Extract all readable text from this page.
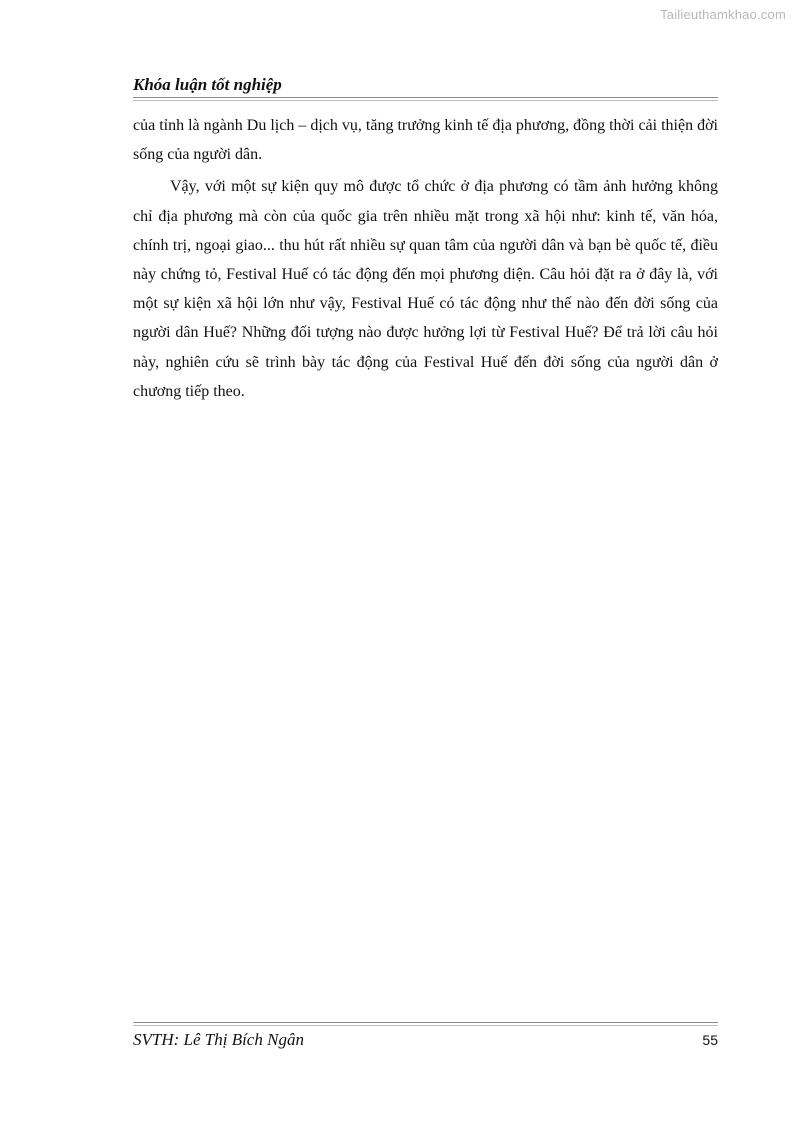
Tailieuthamkhao.com
Khóa luận tốt nghiệp

của tỉnh là ngành Du lịch – dịch vụ, tăng trưởng kinh tế địa phương, đồng thời cải thiện đời sống của người dân.

Vậy, với một sự kiện quy mô được tổ chức ở địa phương có tầm ảnh hưởng không chỉ địa phương mà còn của quốc gia trên nhiều mặt trong xã hội như: kinh tế, văn hóa, chính trị, ngoại giao... thu hút rất nhiều sự quan tâm của người dân và bạn bè quốc tế, điều này chứng tỏ, Festival Huế có tác động đến mọi phương diện. Câu hỏi đặt ra ở đây là, với một sự kiện xã hội lớn như vậy, Festival Huế có tác động như thế nào đến đời sống của người dân Huế? Những đối tượng nào được hưởng lợi từ Festival Huế? Để trả lời câu hỏi này, nghiên cứu sẽ trình bày tác động của Festival Huế đến đời sống của người dân ở chương tiếp theo.

SVTH: Lê Thị Bích Ngân	55
